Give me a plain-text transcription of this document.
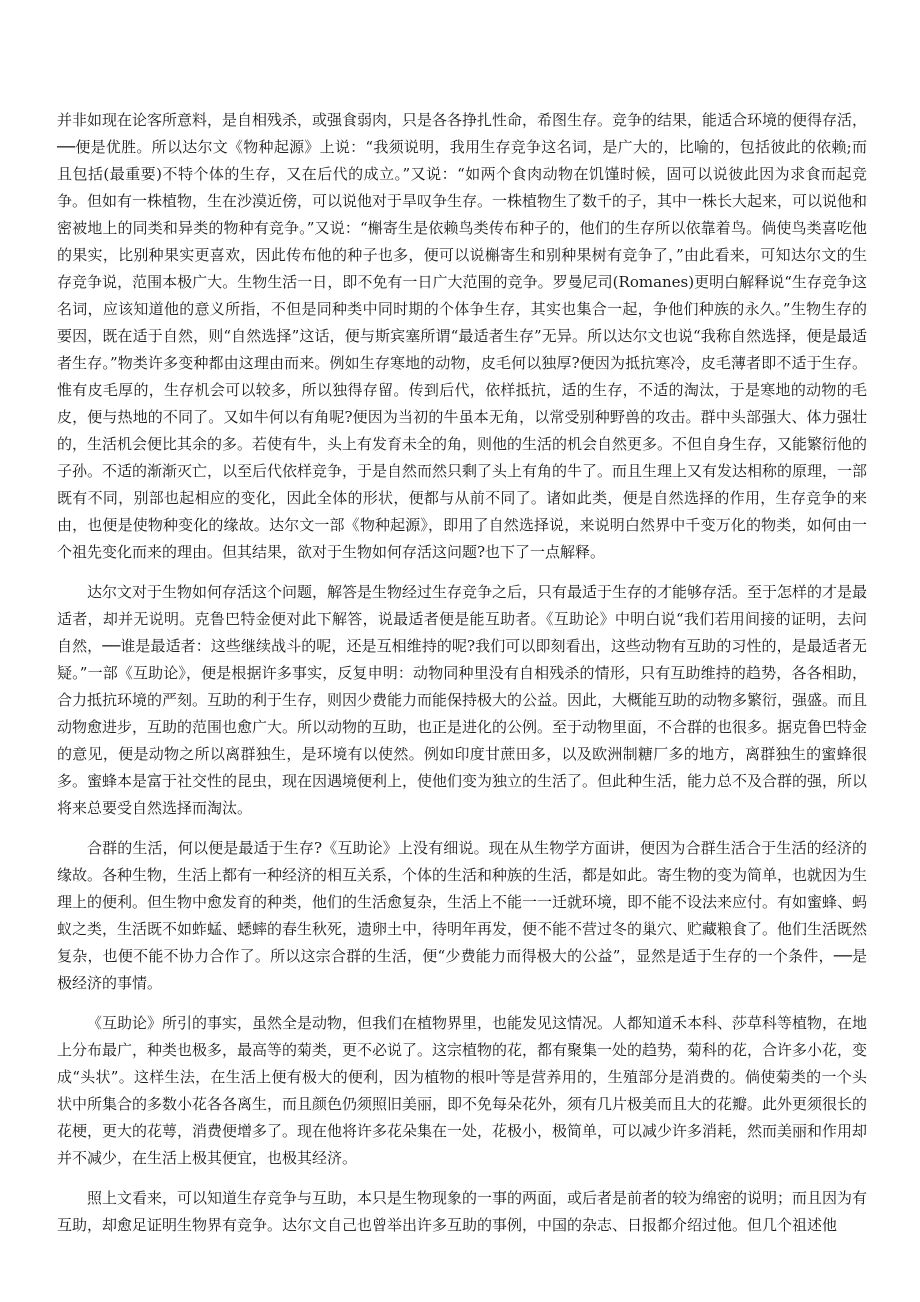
并非如现在论客所意料，是自相残杀，或强食弱肉，只是各各挣扎性命，希图生存。竞争的结果，能适合环境的便得存活，──便是优胜。所以达尔文《物种起源》上说：“我须说明，我用生存竞争这名词，是广大的，比喻的，包括彼此的依赖;而且包括(最重要)不特个体的生存，又在后代的成立。”又说：“如两个食肉动物在饥馑时候，固可以说彼此因为求食而起竞争。但如有一株植物，生在沙漠近傍，可以说他对于旱叹争生存。一株植物生了数千的子，其中一株长大起来，可以说他和密被地上的同类和异类的物种有竞争。”又说：“槲寄生是依赖鸟类传布种子的，他们的生存所以依靠着鸟。倘使鸟类喜吃他的果实，比别种果实更喜欢，因此传布他的种子也多，便可以说槲寄生和别种果树有竞争了，”由此看来，可知达尔文的生存竞争说，范围本极广大。生物生活一日，即不免有一日广大范围的竞争。罗曼尼司(Romanes)更明白解释说“生存竞争这名词，应该知道他的意义所指，不但是同种类中同时期的个体争生存，其实也集合一起，争他们种族的永久。”生物生存的要因，既在适于自然，则“自然选择”这话，便与斯宾塞所谓“最适者生存”无异。所以达尔文也说“我称自然选择，便是最适者生存。”物类许多变种都由这理由而来。例如生存寒地的动物，皮毛何以独厚?便因为抵抗寒冷，皮毛薄者即不适于生存。惟有皮毛厚的，生存机会可以较多，所以独得存留。传到后代，依样抵抗，适的生存，不适的淘汰，于是寒地的动物的毛皮，便与热地的不同了。又如牛何以有角呢?便因为当初的牛虽本无角，以常受别种野兽的攻击。群中头部强大、体力强壮的，生活机会便比其余的多。若使有牛，头上有发育未全的角，则他的生活的机会自然更多。不但自身生存，又能繁衍他的子孙。不适的渐渐灭亡，以至后代依样竞争，于是自然而然只剩了头上有角的牛了。而且生理上又有发达相称的原理，一部既有不同，别部也起相应的变化，因此全体的形状，便都与从前不同了。诸如此类，便是自然选择的作用，生存竞争的来由，也便是使物种变化的缘故。达尔文一部《物种起源》，即用了自然选择说，来说明白然界中千变万化的物类，如何由一个祖先变化而来的理由。但其结果，欲对于生物如何存活这问题?也下了一点解释。

达尔文对于生物如何存活这个问题，解答是生物经过生存竞争之后，只有最适于生存的才能够存活。至于怎样的才是最适者，却并无说明。克鲁巴特金便对此下解答，说最适者便是能互助者。《互助论》中明白说“我们若用间接的证明，去问自然，──谁是最适者：这些继续战斗的呢，还是互相维持的呢?我们可以即刻看出，这些动物有互助的习性的，是最适者无疑。”一部《互助论》，便是根据许多事实，反复申明：动物同种里没有自相残杀的情形，只有互助维持的趋势，各各相助，合力抵抗环境的严刻。互助的利于生存，则因少费能力而能保持极大的公益。因此，大概能互助的动物多繁衍，强盛。而且动物愈进步，互助的范围也愈广大。所以动物的互助，也正是进化的公例。至于动物里面，不合群的也很多。据克鲁巴特金的意见，便是动物之所以离群独生，是环境有以使然。例如印度甘蔗田多，以及欧洲制糖厂多的地方，离群独生的蜜蜂很多。蜜蜂本是富于社交性的昆虫，现在因遇境便利上，使他们变为独立的生活了。但此种生活，能力总不及合群的强，所以将来总要受自然选择而淘汰。

合群的生活，何以便是最适于生存?《互助论》上没有细说。现在从生物学方面讲，便因为合群生活合于生活的经济的缘故。各种生物，生活上都有一种经济的相互关系，个体的生活和种族的生活，都是如此。寄生物的变为简单，也就因为生理上的便利。但生物中愈发育的种类，他们的生活愈复杂，生活上不能一一迁就环境，即不能不设法来应付。有如蜜蜂、蚂蚁之类，生活既不如蚱蜢、蟋蟀的春生秋死，遗卵土中，待明年再发，便不能不营过冬的巢穴、贮藏粮食了。他们生活既然复杂，也便不能不协力合作了。所以这宗合群的生活，便“少费能力而得极大的公益”，显然是适于生存的一个条件，──是极经济的事情。

《互助论》所引的事实，虽然全是动物，但我们在植物界里，也能发见这情况。人都知道禾本科、莎草科等植物，在地上分布最广，种类也极多，最高等的菊类，更不必说了。这宗植物的花，都有聚集一处的趋势，菊科的花，合许多小花，变成“头状”。这样生法，在生活上便有极大的便利，因为植物的根叶等是营养用的，生殖部分是消费的。倘使菊类的一个头状中所集合的多数小花各各离生，而且颜色仍须照旧美丽，即不免每朵花外，须有几片极美而且大的花瓣。此外更须很长的花梗，更大的花萼，消费便增多了。现在他将许多花朵集在一处，花极小，极简单，可以减少许多消耗，然而美丽和作用却并不减少，在生活上极其便宜，也极其经济。

照上文看来，可以知道生存竞争与互助，本只是生物现象的一事的两面，或后者是前者的较为绵密的说明；而且因为有互助，却愈足证明生物界有竞争。达尔文自己也曾举出许多互助的事例，中国的杂志、日报都介绍过他。但几个祖述他
